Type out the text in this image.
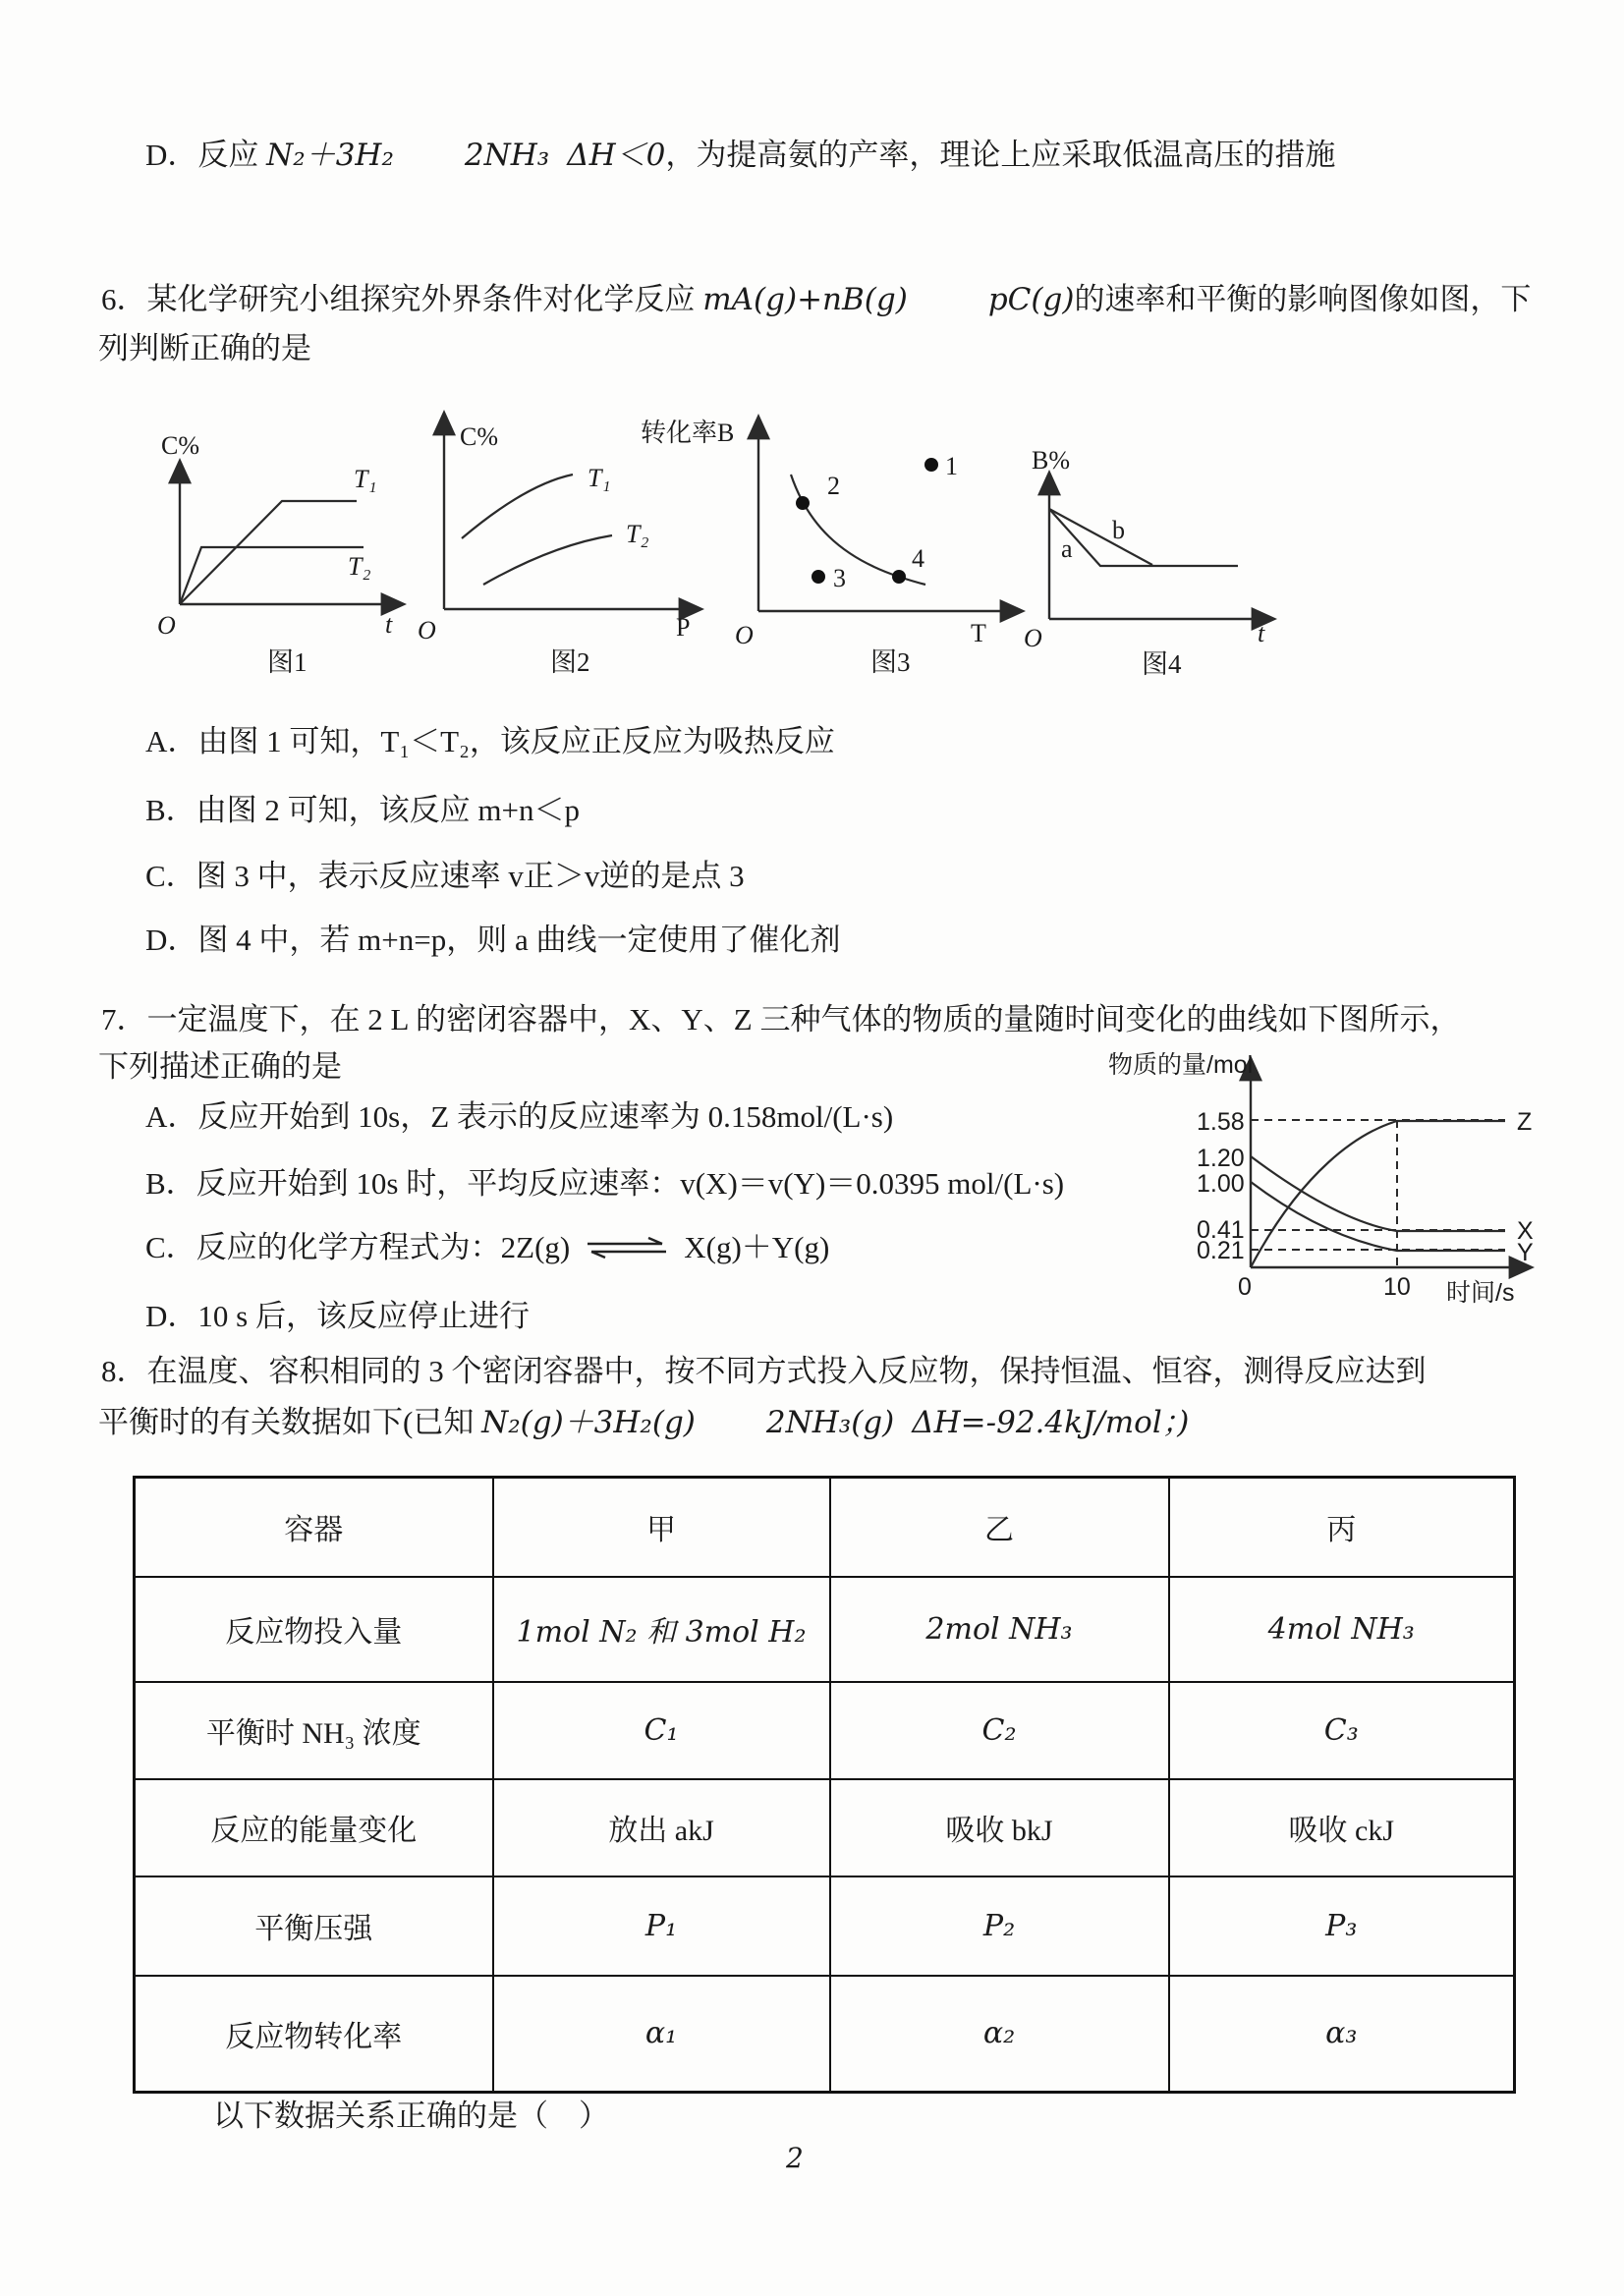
D．反应 N₂＋3H₂ 2NH₃ ΔH＜0，为提高氨的产率，理论上应采取低温高压的措施
6．某化学研究小组探究外界条件对化学反应 mA(g)+nB(g)	pC(g)的速率和平衡的影响图像如图，下
列判断正确的是
C%
O	t
T₁
T₂
图1
C%
O	P
T₁
T₂
图2
转化率B
O	T
1
2
3
4
图3
B%
O	t
a
b
图4
A．由图 1 可知，T₁＜T₂，该反应正反应为吸热反应
B．由图 2 可知，该反应 m+n＜p
C．图 3 中，表示反应速率 v正＞v逆的是点 3
D．图 4 中，若 m+n=p，则 a 曲线一定使用了催化剂
7．一定温度下，在 2 L 的密闭容器中，X、Y、Z 三种气体的物质的量随时间变化的曲线如下图所示，
下列描述正确的是	物质的量/mol
时间/s
1.58
1.20
1.00
0.41
0.21
0	10
Z
X
Y
A．反应开始到 10s，Z 表示的反应速率为 0.158mol/(L·s)
B．反应开始到 10s 时，平均反应速率：v(X)＝v(Y)＝0.0395 mol/(L·s)
C．反应的化学方程式为：2Z(g) ⇌ X(g)＋Y(g)
D．10 s 后，该反应停止进行
8．在温度、容积相同的 3 个密闭容器中，按不同方式投入反应物，保持恒温、恒容，测得反应达到
平衡时的有关数据如下(已知 N₂(g)＋3H₂(g) 2NH₃(g) ΔH=-92.4kJ/mol；)
容器	甲	乙	丙
反应物投入量	1mol N₂ 和 3mol H₂	2mol NH₃	4mol NH₃
平衡时 NH₃ 浓度	C₁	C₂	C₃
反应的能量变化	放出 akJ	吸收 bkJ	吸收 ckJ
平衡压强	P₁	P₂	P₃
反应物转化率	α₁	α₂	α₃
以下数据关系正确的是（　）
2
